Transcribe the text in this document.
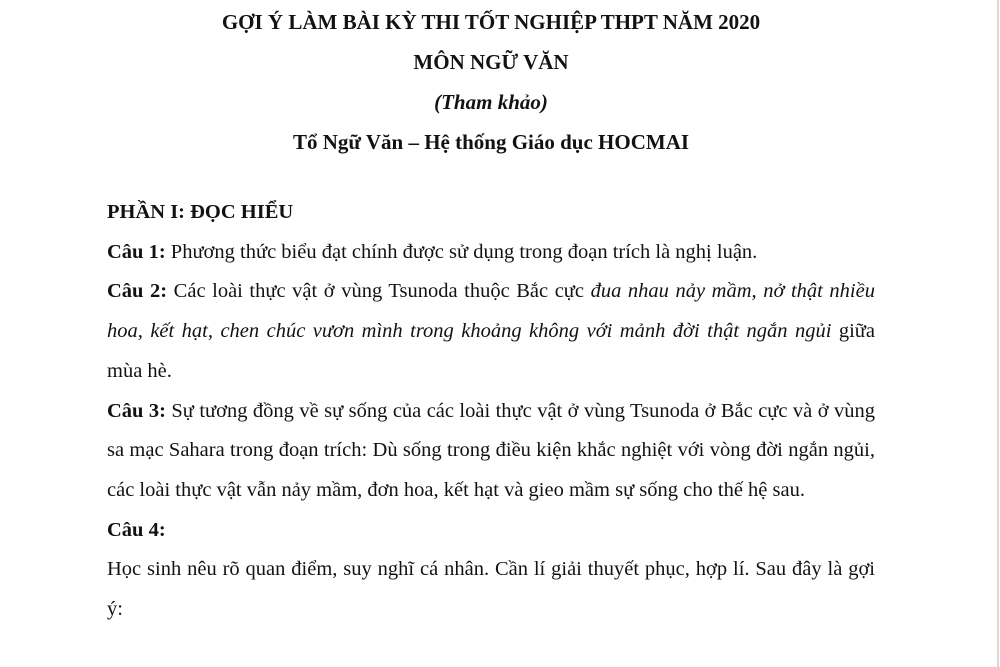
GỢI Ý LÀM BÀI KỲ THI TỐT NGHIỆP THPT NĂM 2020

MÔN NGỮ VĂN

(Tham khảo)

Tổ Ngữ Văn – Hệ thống Giáo dục HOCMAI

PHẦN I: ĐỌC HIỂU

Câu 1: Phương thức biểu đạt chính được sử dụng trong đoạn trích là nghị luận.

Câu 2: Các loài thực vật ở vùng Tsunoda thuộc Bắc cực đua nhau nảy mầm, nở thật nhiều hoa, kết hạt, chen chúc vươn mình trong khoảng không với mảnh đời thật ngắn ngủi giữa mùa hè.

Câu 3: Sự tương đồng về sự sống của các loài thực vật ở vùng Tsunoda ở Bắc cực và ở vùng sa mạc Sahara trong đoạn trích: Dù sống trong điều kiện khắc nghiệt với vòng đời ngắn ngủi, các loài thực vật vẫn nảy mầm, đơn hoa, kết hạt và gieo mầm sự sống cho thế hệ sau.

Câu 4:

Học sinh nêu rõ quan điểm, suy nghĩ cá nhân. Cần lí giải thuyết phục, hợp lí. Sau đây là gợi ý:
